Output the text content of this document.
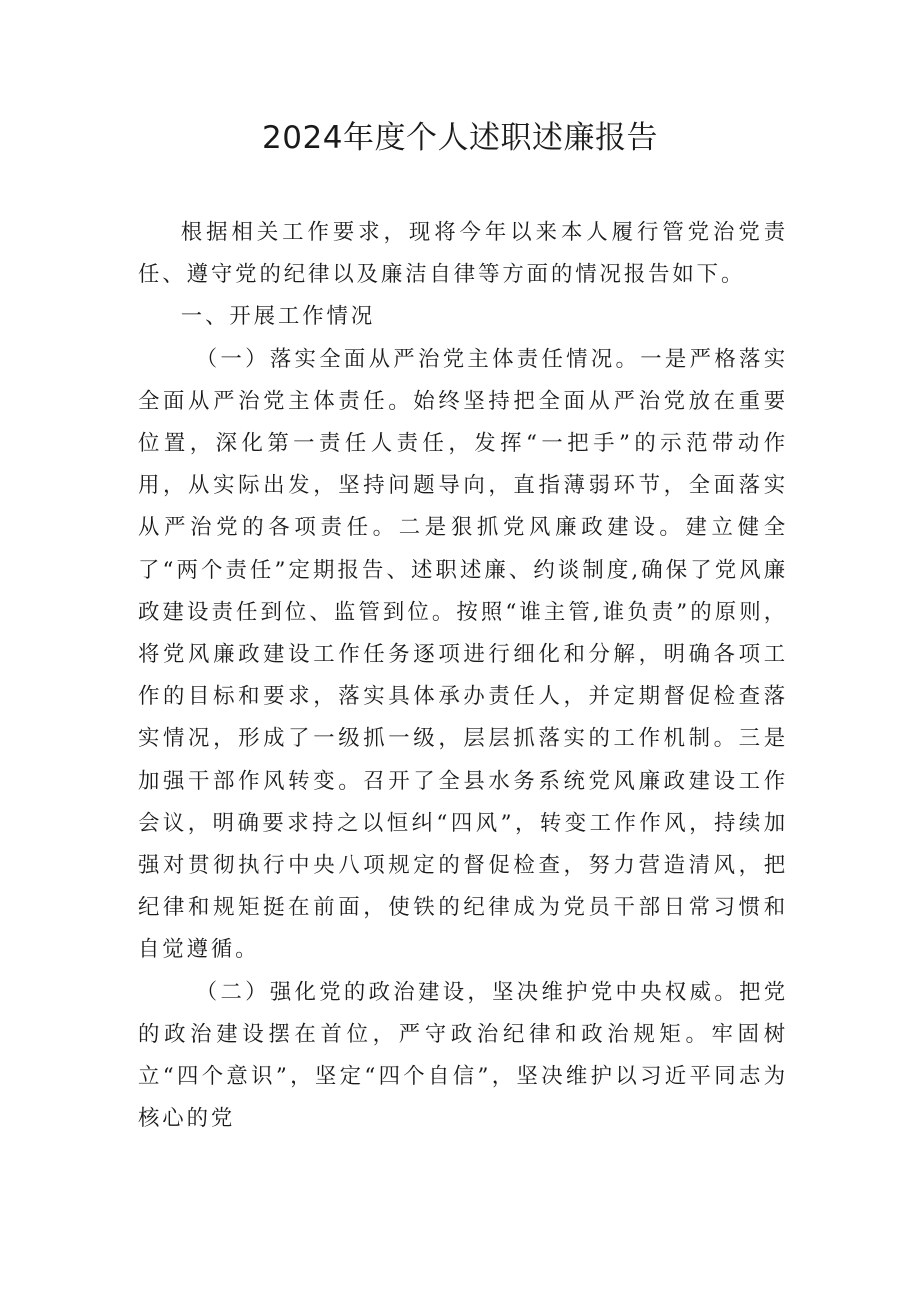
2024年度个人述职述廉报告

根据相关工作要求，现将今年以来本人履行管党治党责任、遵守党的纪律以及廉洁自律等方面的情况报告如下。

一、开展工作情况

（一）落实全面从严治党主体责任情况。一是严格落实全面从严治党主体责任。始终坚持把全面从严治党放在重要位置，深化第一责任人责任，发挥“一把手”的示范带动作用，从实际出发，坚持问题导向，直指薄弱环节，全面落实从严治党的各项责任。二是狠抓党风廉政建设。建立健全了“两个责任”定期报告、述职述廉、约谈制度,确保了党风廉政建设责任到位、监管到位。按照“谁主管,谁负责”的原则，将党风廉政建设工作任务逐项进行细化和分解，明确各项工作的目标和要求，落实具体承办责任人，并定期督促检查落实情况，形成了一级抓一级，层层抓落实的工作机制。三是加强干部作风转变。召开了全县水务系统党风廉政建设工作会议，明确要求持之以恒纠“四风”，转变工作作风，持续加强对贯彻执行中央八项规定的督促检查，努力营造清风，把纪律和规矩挺在前面，使铁的纪律成为党员干部日常习惯和自觉遵循。

（二）强化党的政治建设，坚决维护党中央权威。把党的政治建设摆在首位，严守政治纪律和政治规矩。牢固树立“四个意识”，坚定“四个自信”，坚决维护以习近平同志为核心的党
